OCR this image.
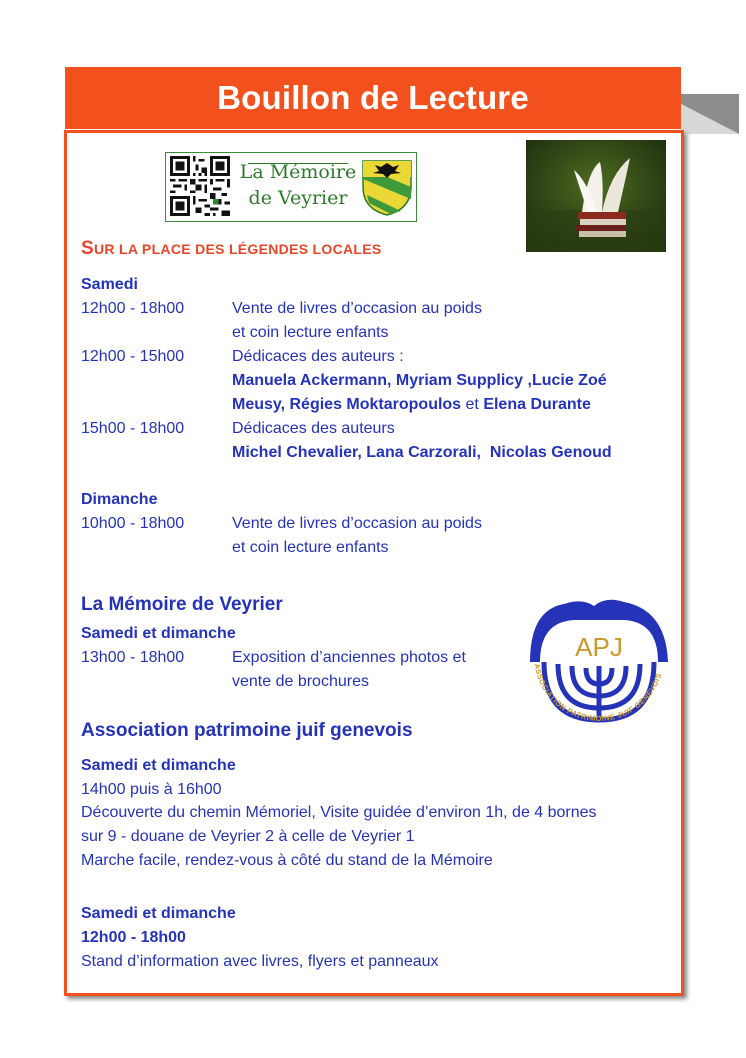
Bouillon de Lecture
La Mémoire
de Veyrier
SUR LA PLACE DES LÉGENDES LOCALES
Samedi
12h00 - 18h00	Vente de livres d’occasion au poids
et coin lecture enfants
12h00 - 15h00	Dédicaces des auteurs :
Manuela Ackermann, Myriam Supplicy ,Lucie Zoé
Meusy, Régies Moktaropoulos et Elena Durante
15h00 - 18h00	Dédicaces des auteurs
Michel Chevalier, Lana Carzorali,  Nicolas Genoud
Dimanche
10h00 - 18h00	Vente de livres d’occasion au poids
et coin lecture enfants
La Mémoire de Veyrier
Samedi et dimanche
13h00 - 18h00	Exposition d’anciennes photos et
vente de brochures
APJ
ASSOCIATION PATRIMOINE JUIF GENEVOIS
Association patrimoine juif genevois
Samedi et dimanche
14h00 puis à 16h00
Découverte du chemin Mémoriel, Visite guidée d’environ 1h, de 4 bornes
sur 9 - douane de Veyrier 2 à celle de Veyrier 1
Marche facile, rendez-vous à côté du stand de la Mémoire
Samedi et dimanche
12h00 - 18h00
Stand d’information avec livres, flyers et panneaux
